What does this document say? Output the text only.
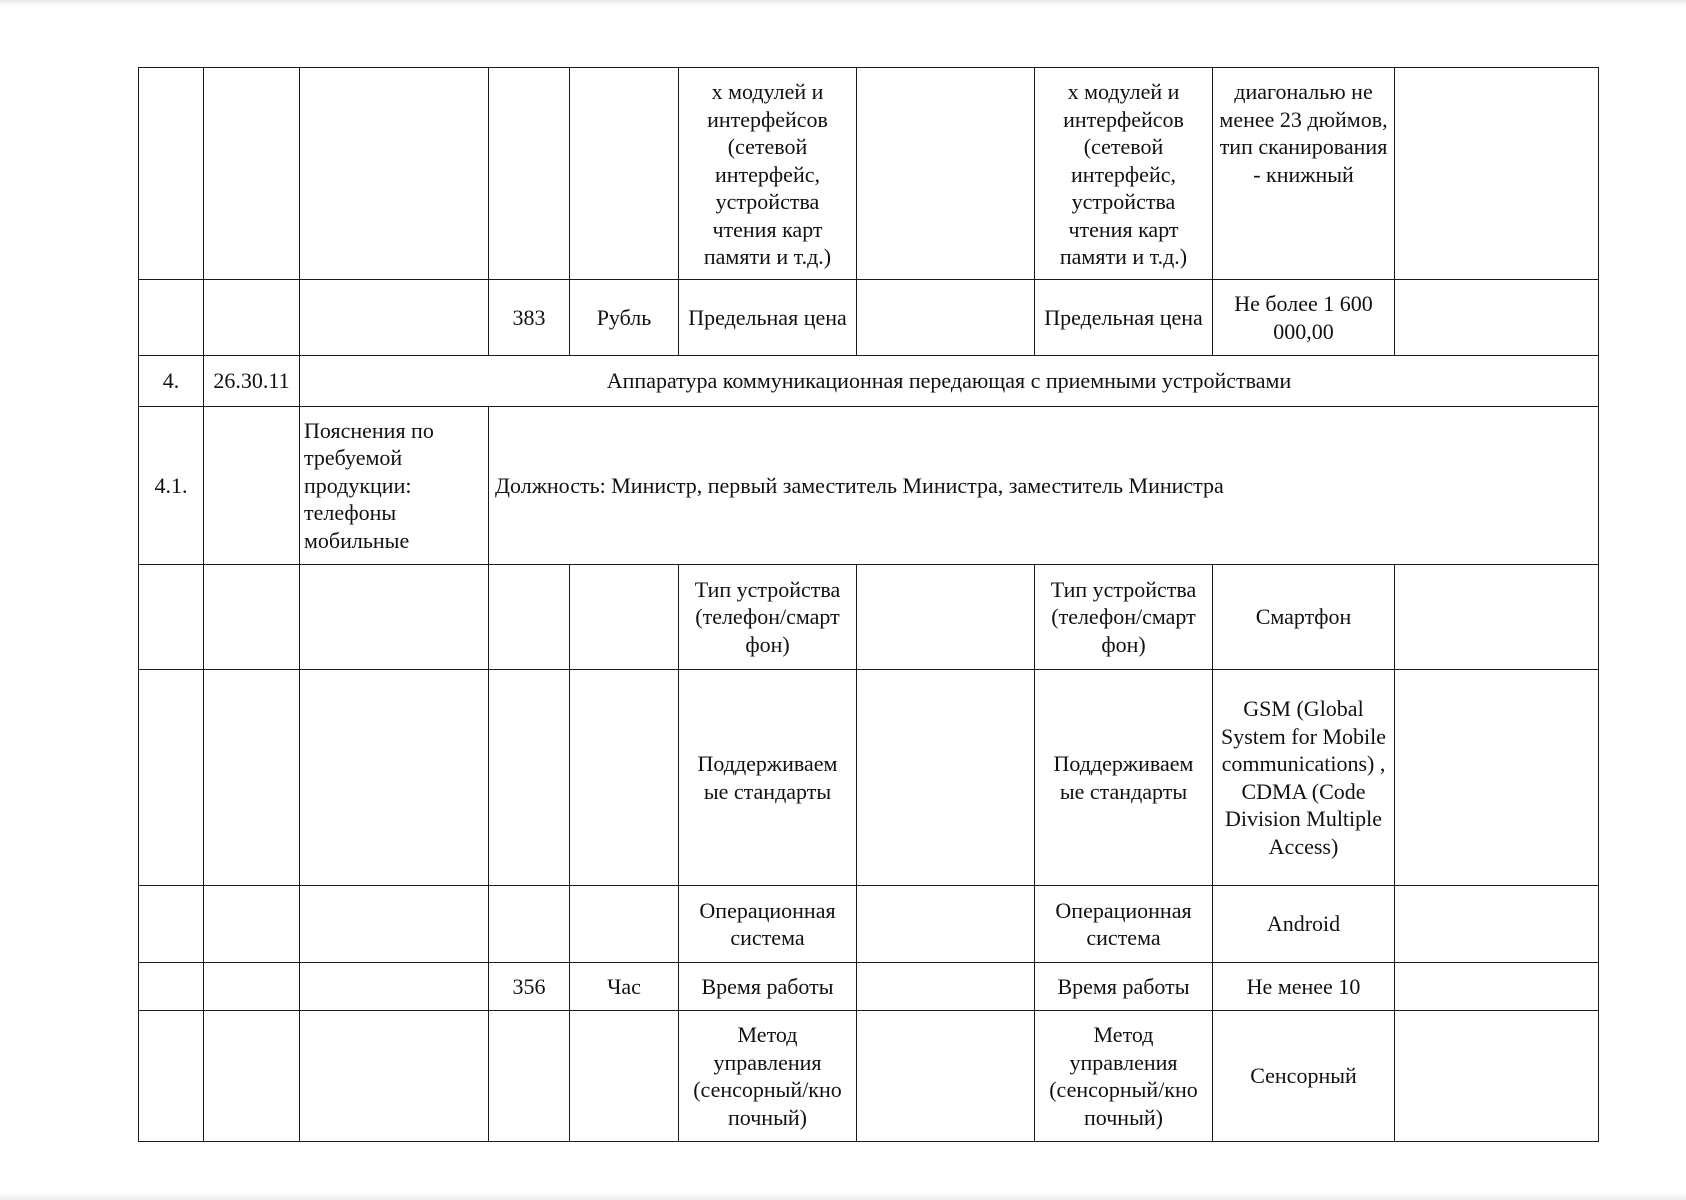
					х модулей и интерфейсов (сетевой интерфейс, устройства чтения карт памяти и т.д.)		х модулей и интерфейсов (сетевой интерфейс, устройства чтения карт памяти и т.д.)	диагональю не менее 23 дюймов, тип сканирования - книжный	
			383	Рубль	Предельная цена		Предельная цена	Не более 1 600 000,00	
4.	26.30.11	Аппаратура коммуникационная передающая с приемными устройствами							
4.1.		Пояснения по требуемой продукции: телефоны мобильные	Должность: Министр, первый заместитель Министра, заместитель Министра						
					Тип устройства (телефон/смарт фон)		Тип устройства (телефон/смарт фон)	Смартфон	
					Поддерживаем ые стандарты		Поддерживаем ые стандарты	GSM (Global System for Mobile communications) , CDMA (Code Division Multiple Access)	
					Операционная система		Операционная система	Android	
			356	Час	Время работы		Время работы	Не менее 10	
					Метод управления (сенсорный/кно почный)		Метод управления (сенсорный/кно почный)	Сенсорный	
